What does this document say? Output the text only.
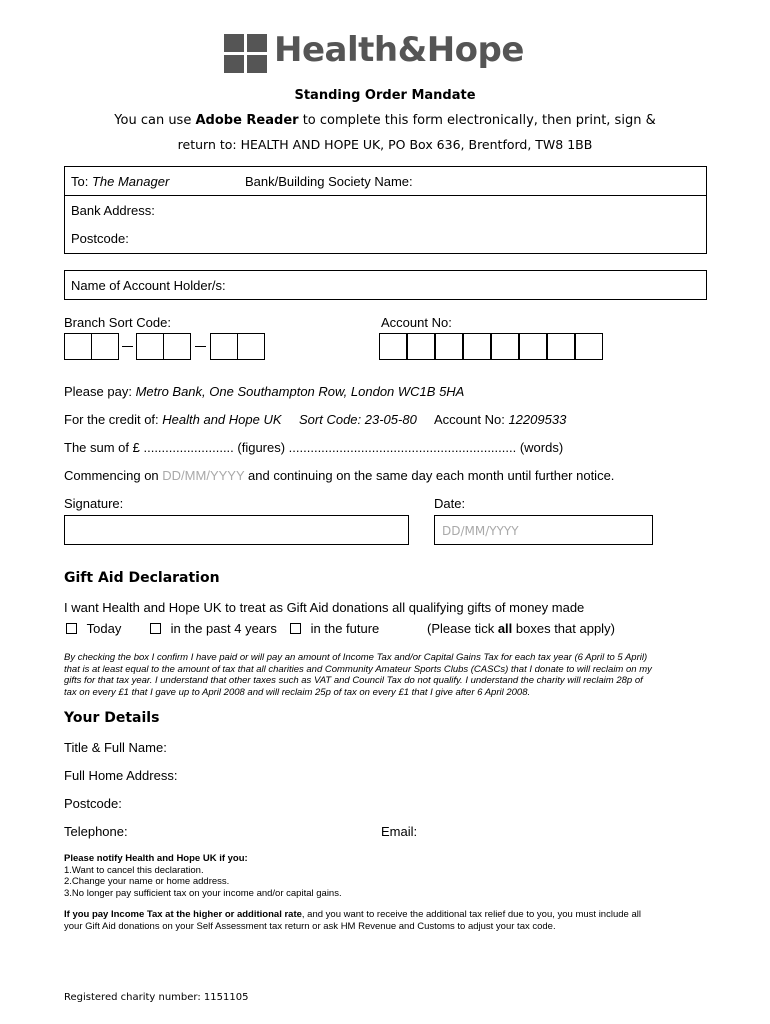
Health&Hope
Standing Order Mandate
You can use Adobe Reader to complete this form electronically, then print, sign &
return to: HEALTH AND HOPE UK, PO Box 636, Brentford, TW8 1BB
To: The Manager	Bank/Building Society Name:
Bank Address:
Postcode:
Name of Account Holder/s:
Branch Sort Code:	Account No:
Please pay: Metro Bank, One Southampton Row, London WC1B 5HA
For the credit of: Health and Hope UK Sort Code: 23-05-80 Account No: 12209533
The sum of £ ......................... (figures) ............................................................... (words)
Commencing on DD/MM/YYYY and continuing on the same day each month until further notice.
Signature:	Date:
DD/MM/YYYY
Gift Aid Declaration
I want Health and Hope UK to treat as Gift Aid donations all qualifying gifts of money made
Today	in the past 4 years	in the future	(Please tick all boxes that apply)
By checking the box I confirm I have paid or will pay an amount of Income Tax and/or Capital Gains Tax for each tax year (6 April to 5 April)
that is at least equal to the amount of tax that all charities and Community Amateur Sports Clubs (CASCs) that I donate to will reclaim on my
gifts for that tax year. I understand that other taxes such as VAT and Council Tax do not qualify. I understand the charity will reclaim 28p of
tax on every £1 that I gave up to April 2008 and will reclaim 25p of tax on every £1 that I give after 6 April 2008.
Your Details
Title & Full Name:
Full Home Address:
Postcode:
Telephone:	Email:
Please notify Health and Hope UK if you:
1.Want to cancel this declaration.
2.Change your name or home address.
3.No longer pay sufficient tax on your income and/or capital gains.
If you pay Income Tax at the higher or additional rate, and you want to receive the additional tax relief due to you, you must include all
your Gift Aid donations on your Self Assessment tax return or ask HM Revenue and Customs to adjust your tax code.
Registered charity number: 1151105
